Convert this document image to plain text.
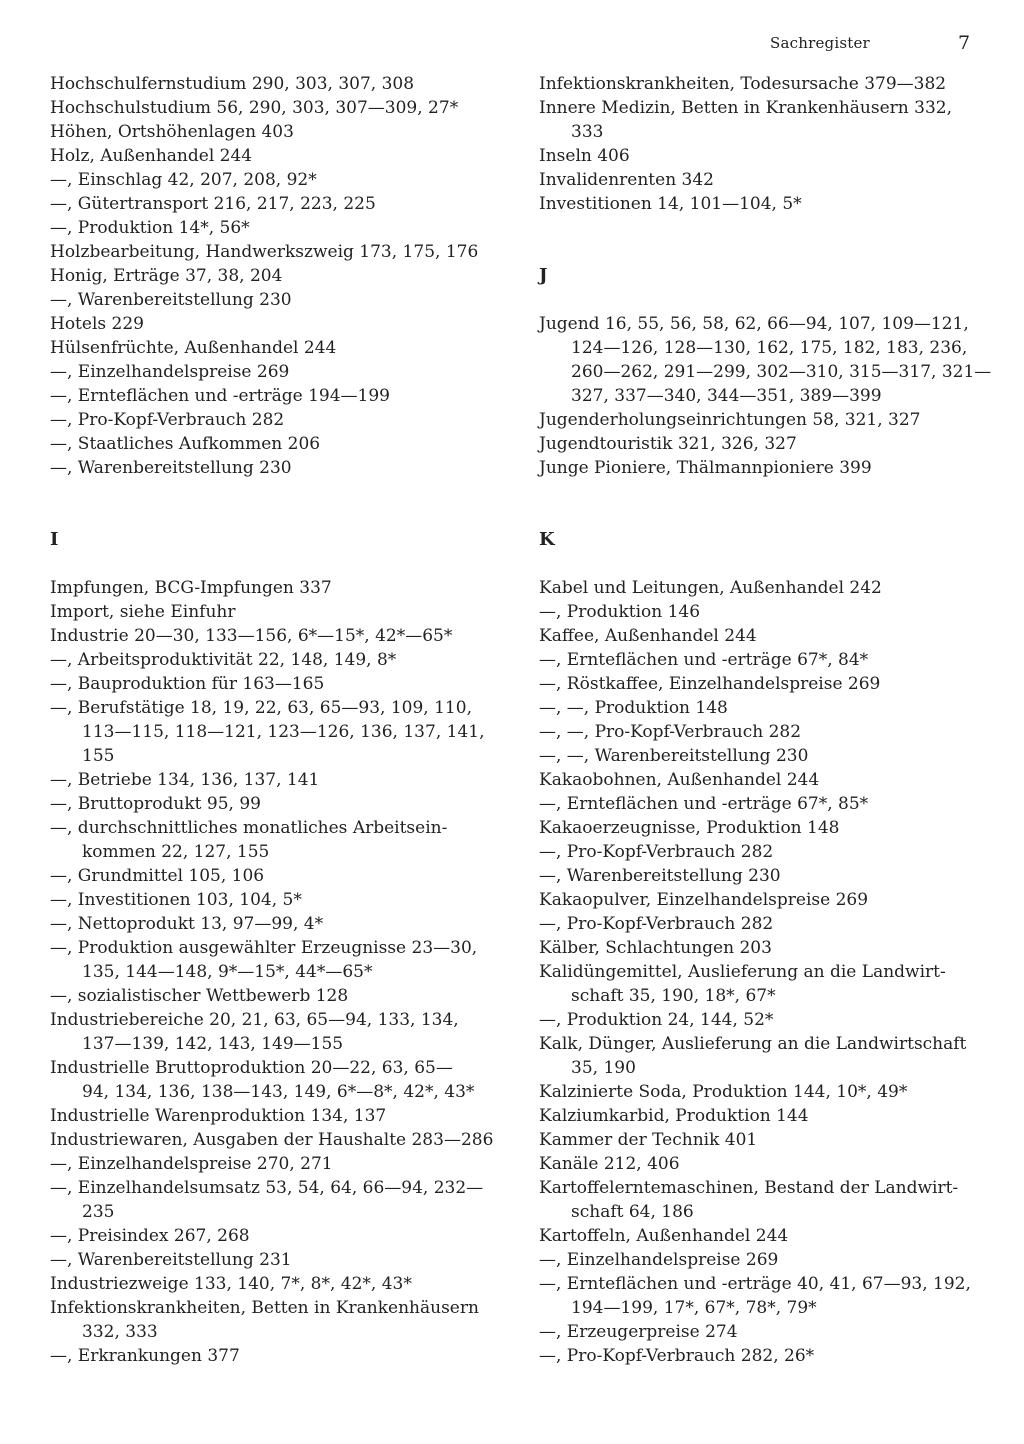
Sachregister	7
Hochschulfernstudium 290, 303, 307, 308
Hochschulstudium 56, 290, 303, 307—309, 27*
Höhen, Ortshöhenlagen 403
Holz, Außenhandel 244
—, Einschlag 42, 207, 208, 92*
—, Gütertransport 216, 217, 223, 225
—, Produktion 14*, 56*
Holzbearbeitung, Handwerkszweig 173, 175, 176
Honig, Erträge 37, 38, 204
—, Warenbereitstellung 230
Hotels 229
Hülsenfrüchte, Außenhandel 244
—, Einzelhandelspreise 269
—, Ernteflächen und -erträge 194—199
—, Pro-Kopf-Verbrauch 282
—, Staatliches Aufkommen 206
—, Warenbereitstellung 230
I
Impfungen, BCG-Impfungen 337
Import, siehe Einfuhr
Industrie 20—30, 133—156, 6*—15*, 42*—65*
—, Arbeitsproduktivität 22, 148, 149, 8*
—, Bauproduktion für 163—165
—, Berufstätige 18, 19, 22, 63, 65—93, 109, 110,
113—115, 118—121, 123—126, 136, 137, 141,
155
—, Betriebe 134, 136, 137, 141
—, Bruttoprodukt 95, 99
—, durchschnittliches monatliches Arbeitsein-
kommen 22, 127, 155
—, Grundmittel 105, 106
—, Investitionen 103, 104, 5*
—, Nettoprodukt 13, 97—99, 4*
—, Produktion ausgewählter Erzeugnisse 23—30,
135, 144—148, 9*—15*, 44*—65*
—, sozialistischer Wettbewerb 128
Industriebereiche 20, 21, 63, 65—94, 133, 134,
137—139, 142, 143, 149—155
Industrielle Bruttoproduktion 20—22, 63, 65—
94, 134, 136, 138—143, 149, 6*—8*, 42*, 43*
Industrielle Warenproduktion 134, 137
Industriewaren, Ausgaben der Haushalte 283—286
—, Einzelhandelspreise 270, 271
—, Einzelhandelsumsatz 53, 54, 64, 66—94, 232—
235
—, Preisindex 267, 268
—, Warenbereitstellung 231
Industriezweige 133, 140, 7*, 8*, 42*, 43*
Infektionskrankheiten, Betten in Krankenhäusern
332, 333
—, Erkrankungen 377
Infektionskrankheiten, Todesursache 379—382
Innere Medizin, Betten in Krankenhäusern 332,
333
Inseln 406
Invalidenrenten 342
Investitionen 14, 101—104, 5*
J
Jugend 16, 55, 56, 58, 62, 66—94, 107, 109—121,
124—126, 128—130, 162, 175, 182, 183, 236,
260—262, 291—299, 302—310, 315—317, 321—
327, 337—340, 344—351, 389—399
Jugenderholungseinrichtungen 58, 321, 327
Jugendtouristik 321, 326, 327
Junge Pioniere, Thälmannpioniere 399
K
Kabel und Leitungen, Außenhandel 242
—, Produktion 146
Kaffee, Außenhandel 244
—, Ernteflächen und -erträge 67*, 84*
—, Röstkaffee, Einzelhandelspreise 269
—, —, Produktion 148
—, —, Pro-Kopf-Verbrauch 282
—, —, Warenbereitstellung 230
Kakaobohnen, Außenhandel 244
—, Ernteflächen und -erträge 67*, 85*
Kakaoerzeugnisse, Produktion 148
—, Pro-Kopf-Verbrauch 282
—, Warenbereitstellung 230
Kakaopulver, Einzelhandelspreise 269
—, Pro-Kopf-Verbrauch 282
Kälber, Schlachtungen 203
Kalidüngemittel, Auslieferung an die Landwirt-
schaft 35, 190, 18*, 67*
—, Produktion 24, 144, 52*
Kalk, Dünger, Auslieferung an die Landwirtschaft
35, 190
Kalzinierte Soda, Produktion 144, 10*, 49*
Kalziumkarbid, Produktion 144
Kammer der Technik 401
Kanäle 212, 406
Kartoffelerntemaschinen, Bestand der Landwirt-
schaft 64, 186
Kartoffeln, Außenhandel 244
—, Einzelhandelspreise 269
—, Ernteflächen und -erträge 40, 41, 67—93, 192,
194—199, 17*, 67*, 78*, 79*
—, Erzeugerpreise 274
—, Pro-Kopf-Verbrauch 282, 26*
